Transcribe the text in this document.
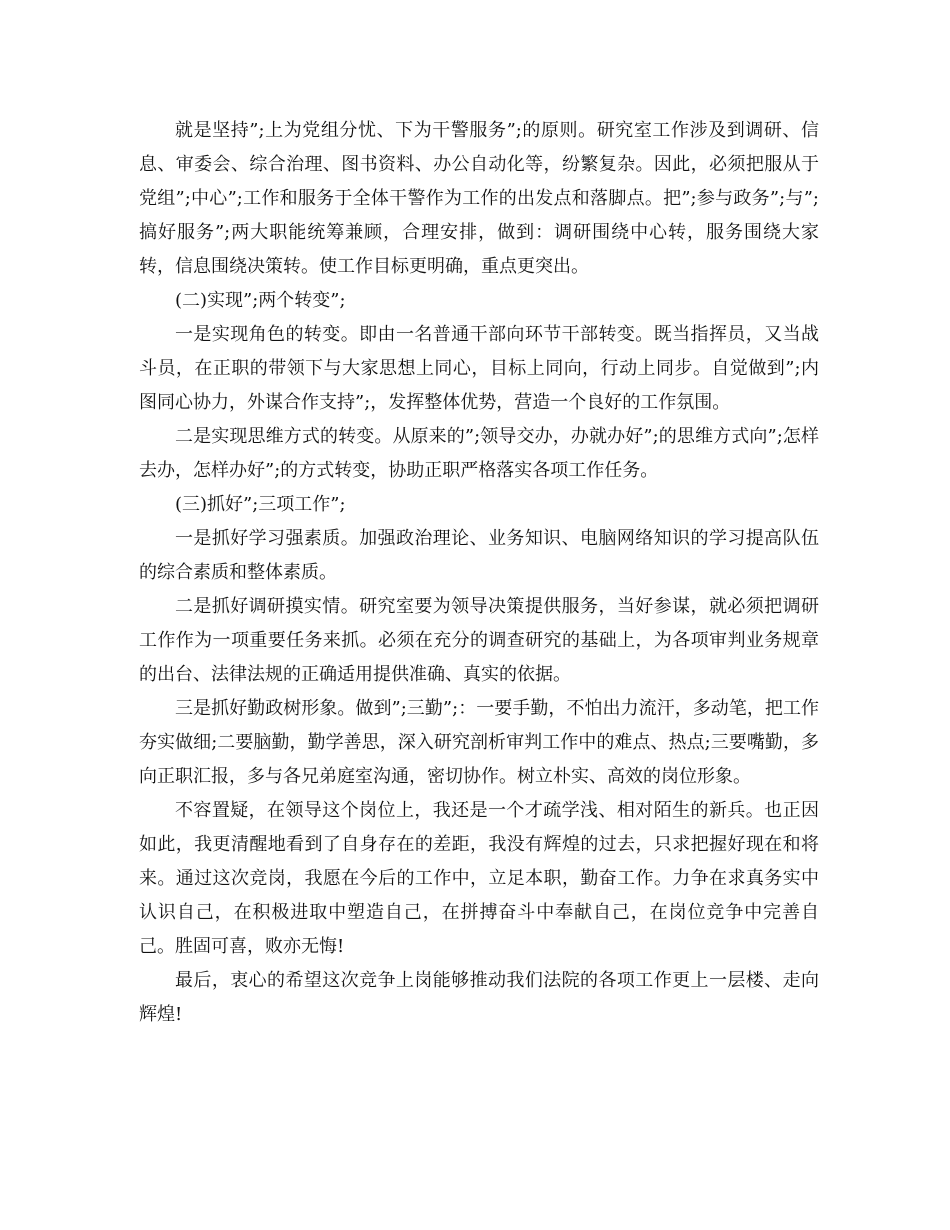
就是坚持”;上为党组分忧、下为干警服务”;的原则。研究室工作涉及到调研、信息、审委会、综合治理、图书资料、办公自动化等，纷繁复杂。因此，必须把服从于党组”;中心”;工作和服务于全体干警作为工作的出发点和落脚点。把”;参与政务”;与”;搞好服务”;两大职能统筹兼顾，合理安排，做到：调研围绕中心转，服务围绕大家转，信息围绕决策转。使工作目标更明确，重点更突出。

(二)实现”;两个转变”;

一是实现角色的转变。即由一名普通干部向环节干部转变。既当指挥员，又当战斗员，在正职的带领下与大家思想上同心，目标上同向，行动上同步。自觉做到”;内图同心协力，外谋合作支持”;，发挥整体优势，营造一个良好的工作氛围。

二是实现思维方式的转变。从原来的”;领导交办，办就办好”;的思维方式向”;怎样去办，怎样办好”;的方式转变，协助正职严格落实各项工作任务。

(三)抓好”;三项工作”;

一是抓好学习强素质。加强政治理论、业务知识、电脑网络知识的学习提高队伍的综合素质和整体素质。

二是抓好调研摸实情。研究室要为领导决策提供服务，当好参谋，就必须把调研工作作为一项重要任务来抓。必须在充分的调查研究的基础上，为各项审判业务规章的出台、法律法规的正确适用提供准确、真实的依据。

三是抓好勤政树形象。做到”;三勤”;：一要手勤，不怕出力流汗，多动笔，把工作夯实做细;二要脑勤，勤学善思，深入研究剖析审判工作中的难点、热点;三要嘴勤，多向正职汇报，多与各兄弟庭室沟通，密切协作。树立朴实、高效的岗位形象。

不容置疑，在领导这个岗位上，我还是一个才疏学浅、相对陌生的新兵。也正因如此，我更清醒地看到了自身存在的差距，我没有辉煌的过去，只求把握好现在和将来。通过这次竞岗，我愿在今后的工作中，立足本职，勤奋工作。力争在求真务实中认识自己，在积极进取中塑造自己，在拼搏奋斗中奉献自己，在岗位竞争中完善自己。胜固可喜，败亦无悔!

最后，衷心的希望这次竞争上岗能够推动我们法院的各项工作更上一层楼、走向辉煌!
